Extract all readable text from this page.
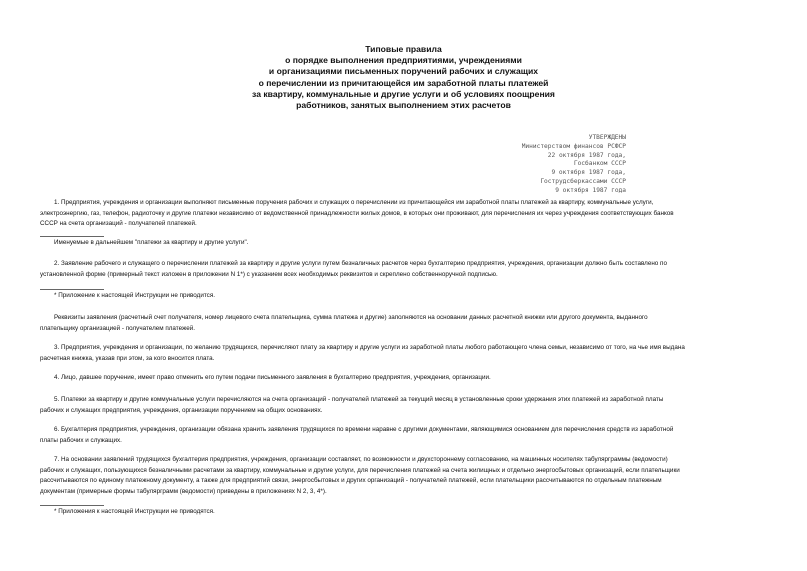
Типовые правила
о порядке выполнения предприятиями, учреждениями
и организациями письменных поручений рабочих и служащих
о перечислении из причитающейся им заработной платы платежей
за квартиру, коммунальные и другие услуги и об условиях поощрения
работников, занятых выполнением этих расчетов
УТВЕРЖДЕНЫ
Министерством финансов РСФСР
22 октября 1987 года,
Госбанком СССР
9 октября 1987 года,
Гострудсберкассами СССР
9 октября 1987 года
1. Предприятия, учреждения и организации выполняют письменные поручения рабочих и служащих о перечислении из причитающейся им заработной платы платежей за квартиру, коммунальные услуги,
электроэнергию, газ, телефон, радиоточку и другие платежи независимо от ведомственной принадлежности жилых домов, в которых они проживают, для перечисления их через учреждения соответствующих банков
СССР на счета организаций - получателей платежей.
Именуемые в дальнейшем "платежи за квартиру и другие услуги".
2. Заявление рабочего и служащего о перечислении платежей за квартиру и другие услуги путем безналичных расчетов через бухгалтерию предприятия, учреждения, организации должно быть составлено по
установленной форме (примерный текст изложен в приложении N 1*) с указанием всех необходимых реквизитов и скреплено собственноручной подписью.
* Приложение к настоящей Инструкции не приводится.
Реквизиты заявления (расчетный счет получателя, номер лицевого счета плательщика, сумма платежа и другие) заполняются на основании данных расчетной книжки или другого документа, выданного
плательщику организацией - получателем платежей.
3. Предприятия, учреждения и организации, по желанию трудящихся, перечисляют плату за квартиру и другие услуги из заработной платы любого работающего члена семьи, независимо от того, на чье имя выдана
расчетная книжка, указав при этом, за кого вносится плата.
4. Лицо, давшее поручение, имеет право отменить его путем подачи письменного заявления в бухгалтерию предприятия, учреждения, организации.
5. Платежи за квартиру и другие коммунальные услуги перечисляются на счета организаций - получателей платежей за текущий месяц в установленные сроки удержания этих платежей из заработной платы
рабочих и служащих предприятия, учреждения, организации поручением на общих основаниях.
6. Бухгалтерия предприятия, учреждения, организации обязана хранить заявления трудящихся по времени наравне с другими документами, являющимися основанием для перечисления средств из заработной
платы рабочих и служащих.
7. На основании заявлений трудящихся бухгалтерия предприятия, учреждения, организации составляет, по возможности и двухстороннему согласованию, на машинных носителях табулярграммы (ведомости)
рабочих и служащих, пользующихся безналичными расчетами за квартиру, коммунальные и другие услуги, для перечисления платежей на счета жилищных и отдельно энергосбытовых организаций, если плательщики
рассчитываются по единому платежному документу, а также для предприятий связи, энергосбытовых и других организаций - получателей платежей, если плательщики рассчитываются по отдельным платежным
документам (примерные формы табулярграмм (ведомости) приведены в приложениях N 2, 3, 4*).
* Приложения к настоящей Инструкции не приводятся.
